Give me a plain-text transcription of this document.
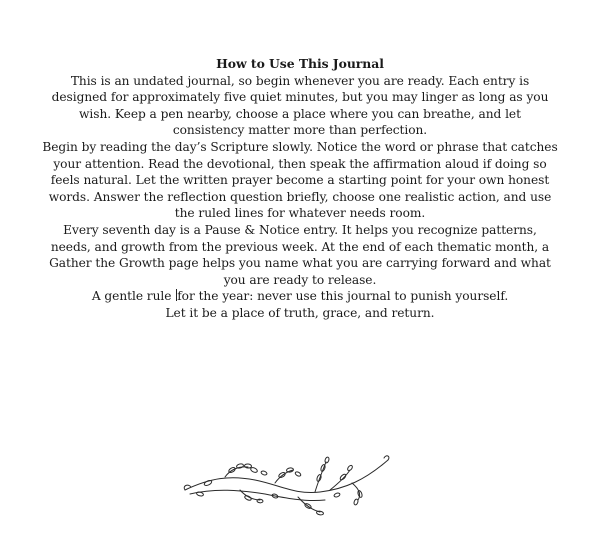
How to Use This Journal

This is an undated journal, so begin whenever you are ready. Each entry is designed for approximately five quiet minutes, but you may linger as long as you wish. Keep a pen nearby, choose a place where you can breathe, and let consistency matter more than perfection.

Begin by reading the day’s Scripture slowly. Notice the word or phrase that catches your attention. Read the devotional, then speak the affirmation aloud if doing so feels natural. Let the written prayer become a starting point for your own honest words. Answer the reflection question briefly, choose one realistic action, and use the ruled lines for whatever needs room.

Every seventh day is a Pause & Notice entry. It helps you recognize patterns, needs, and growth from the previous week. At the end of each thematic month, a Gather the Growth page helps you name what you are carrying forward and what you are ready to release.

A gentle rule for the year: never use this journal to punish yourself. Let it be a place of truth, grace, and return.
